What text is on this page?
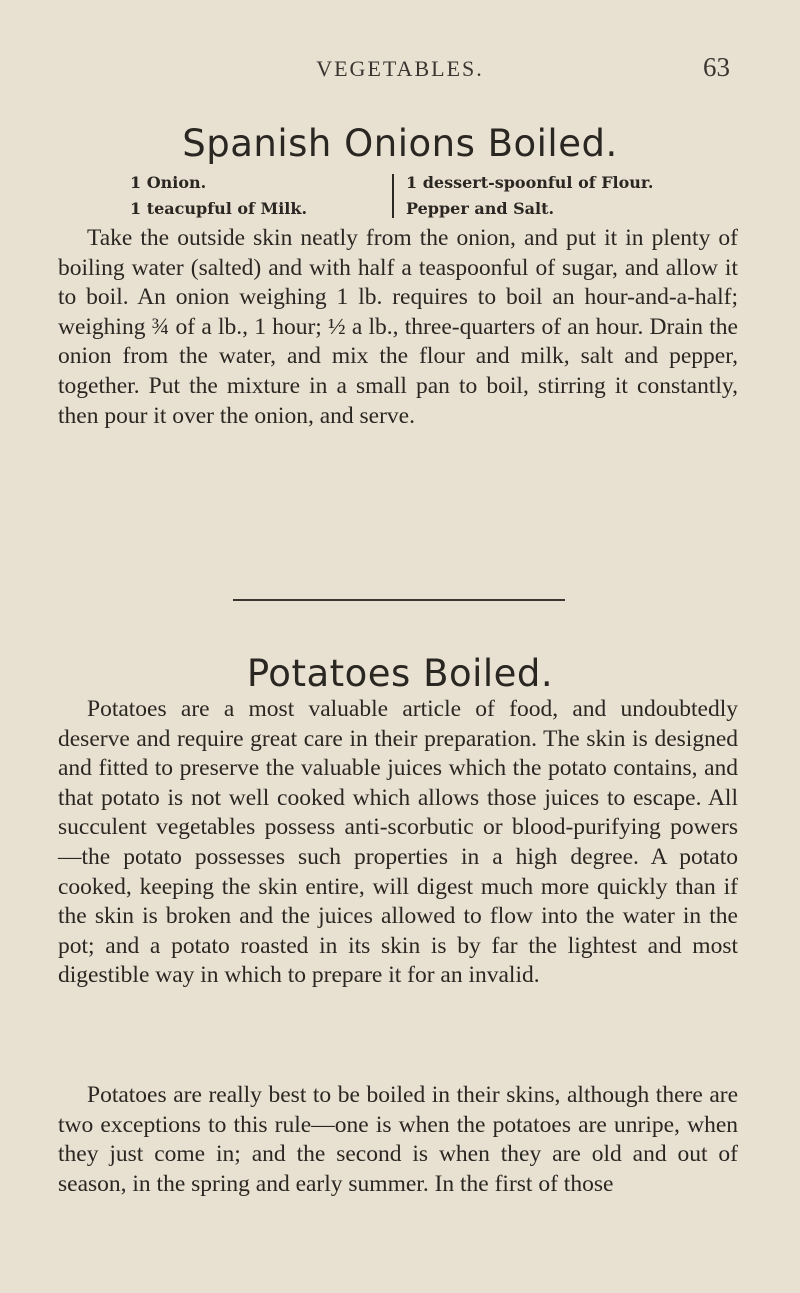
VEGETABLES.	63
Spanish Onions Boiled.
1 Onion.
1 teacupful of Milk.
1 dessert-spoonful of Flour.
Pepper and Salt.

Take the outside skin neatly from the onion, and put it in plenty of boiling water (salted) and with half a teaspoonful of sugar, and allow it to boil. An onion weighing 1 lb. requires to boil an hour-and-a-half; weighing ¾ of a lb., 1 hour; ½ a lb., three-quarters of an hour. Drain the onion from the water, and mix the flour and milk, salt and pepper, together. Put the mixture in a small pan to boil, stirring it constantly, then pour it over the onion, and serve.

Potatoes Boiled.

Potatoes are a most valuable article of food, and undoubtedly deserve and require great care in their preparation. The skin is designed and fitted to preserve the valuable juices which the potato contains, and that potato is not well cooked which allows those juices to escape. All succulent vegetables possess anti-scorbutic or blood-purifying powers—the potato possesses such properties in a high degree. A potato cooked, keeping the skin entire, will digest much more quickly than if the skin is broken and the juices allowed to flow into the water in the pot; and a potato roasted in its skin is by far the lightest and most digestible way in which to prepare it for an invalid.

Potatoes are really best to be boiled in their skins, although there are two exceptions to this rule—one is when the potatoes are unripe, when they just come in; and the second is when they are old and out of season, in the spring and early summer. In the first of those
